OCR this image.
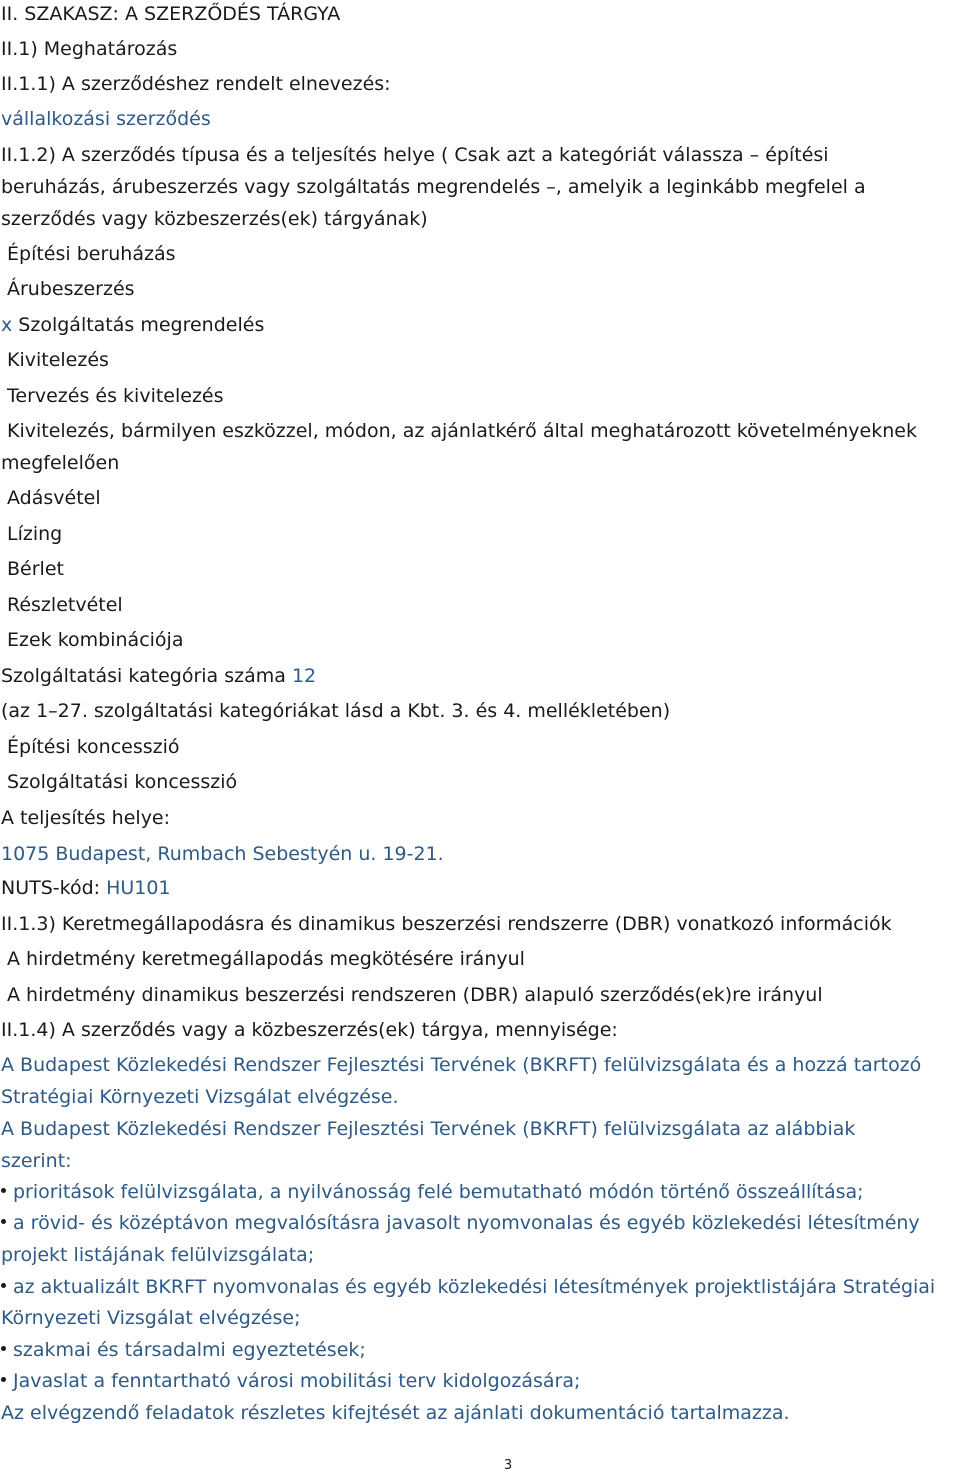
II. SZAKASZ: A SZERZŐDÉS TÁRGYA
II.1) Meghatározás
II.1.1) A szerződéshez rendelt elnevezés:
vállalkozási szerződés
II.1.2) A szerződés típusa és a teljesítés helye ( Csak azt a kategóriát válassza – építési
beruházás, árubeszerzés vagy szolgáltatás megrendelés –, amelyik a leginkább megfelel a
szerződés vagy közbeszerzés(ek) tárgyának)
Építési beruházás
Árubeszerzés
x Szolgáltatás megrendelés
Kivitelezés
Tervezés és kivitelezés
Kivitelezés, bármilyen eszközzel, módon, az ajánlatkérő által meghatározott követelményeknek
megfelelően
Adásvétel
Lízing
Bérlet
Részletvétel
Ezek kombinációja
Szolgáltatási kategória száma 12
(az 1–27. szolgáltatási kategóriákat lásd a Kbt. 3. és 4. mellékletében)
Építési koncesszió
Szolgáltatási koncesszió
A teljesítés helye:
1075 Budapest, Rumbach Sebestyén u. 19-21.
NUTS-kód: HU101
II.1.3) Keretmegállapodásra és dinamikus beszerzési rendszerre (DBR) vonatkozó információk
A hirdetmény keretmegállapodás megkötésére irányul
A hirdetmény dinamikus beszerzési rendszeren (DBR) alapuló szerződés(ek)re irányul
II.1.4) A szerződés vagy a közbeszerzés(ek) tárgya, mennyisége:
A Budapest Közlekedési Rendszer Fejlesztési Tervének (BKRFT) felülvizsgálata és a hozzá tartozó
Stratégiai Környezeti Vizsgálat elvégzése.
A Budapest Közlekedési Rendszer Fejlesztési Tervének (BKRFT) felülvizsgálata az alábbiak
szerint:
prioritások felülvizsgálata, a nyilvánosság felé bemutatható módón történő összeállítása;
a rövid- és középtávon megvalósításra javasolt nyomvonalas és egyéb közlekedési létesítmény
projekt listájának felülvizsgálata;
az aktualizált BKRFT nyomvonalas és egyéb közlekedési létesítmények projektlistájára Stratégiai
Környezeti Vizsgálat elvégzése;
szakmai és társadalmi egyeztetések;
Javaslat a fenntartható városi mobilitási terv kidolgozására;
Az elvégzendő feladatok részletes kifejtését az ajánlati dokumentáció tartalmazza.
3
